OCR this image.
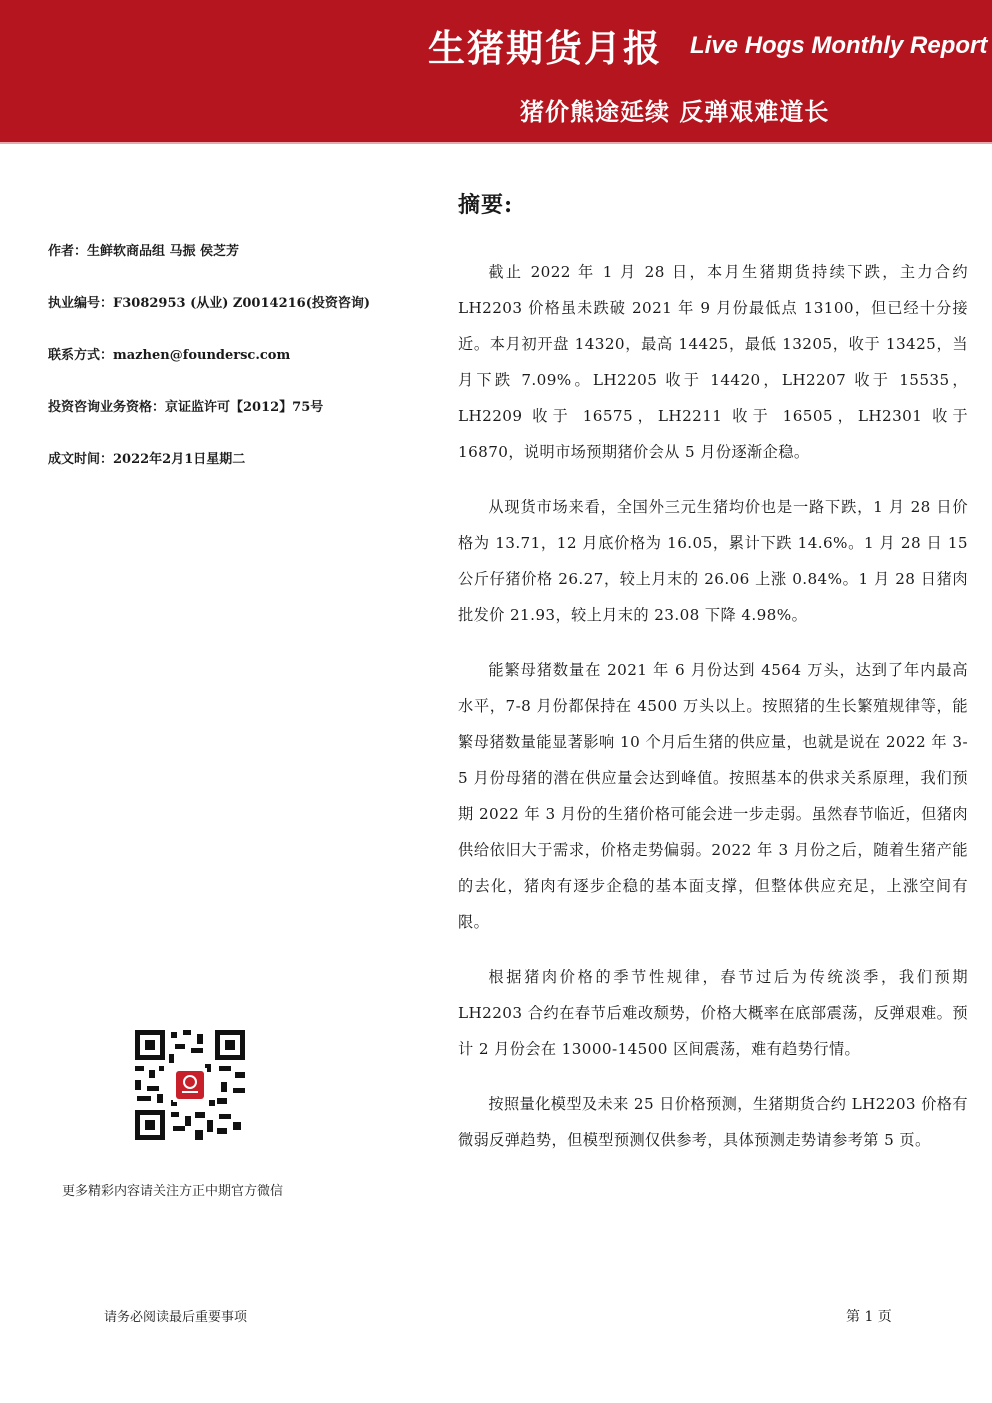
生猪期货月报 Live Hogs Monthly Report
猪价熊途延续 反弹艰难道长
作者：生鲜软商品组 马振 侯芝芳
执业编号：F3082953 (从业) Z0014216(投资咨询)
联系方式：mazhen@foundersc.com
投资咨询业务资格：京证监许可【2012】75号
成文时间：2022年2月1日星期二
更多精彩内容请关注方正中期官方微信
摘要:

截止 2022 年 1 月 28 日，本月生猪期货持续下跌，主力合约 LH2203 价格虽未跌破 2021 年 9 月份最低点 13100，但已经十分接近。本月初开盘 14320，最高 14425，最低 13205，收于 13425，当月下跌 7.09%。LH2205 收于 14420，LH2207 收于 15535，LH2209 收于 16575，LH2211 收于 16505，LH2301 收于 16870，说明市场预期猪价会从 5 月份逐渐企稳。

从现货市场来看，全国外三元生猪均价也是一路下跌，1 月 28 日价格为 13.71，12 月底价格为 16.05，累计下跌 14.6%。1 月 28 日 15 公斤仔猪价格 26.27，较上月末的 26.06 上涨 0.84%。1 月 28 日猪肉批发价 21.93，较上月末的 23.08 下降 4.98%。

能繁母猪数量在 2021 年 6 月份达到 4564 万头，达到了年内最高水平，7-8 月份都保持在 4500 万头以上。按照猪的生长繁殖规律等，能繁母猪数量能显著影响 10 个月后生猪的供应量，也就是说在 2022 年 3-5 月份母猪的潜在供应量会达到峰值。按照基本的供求关系原理，我们预期 2022 年 3 月份的生猪价格可能会进一步走弱。虽然春节临近，但猪肉供给依旧大于需求，价格走势偏弱。2022 年 3 月份之后，随着生猪产能的去化，猪肉有逐步企稳的基本面支撑，但整体供应充足，上涨空间有限。

根据猪肉价格的季节性规律，春节过后为传统淡季，我们预期 LH2203 合约在春节后难改颓势，价格大概率在底部震荡，反弹艰难。预计 2 月份会在 13000-14500 区间震荡，难有趋势行情。

按照量化模型及未来 25 日价格预测，生猪期货合约 LH2203 价格有微弱反弹趋势，但模型预测仅供参考，具体预测走势请参考第 5 页。

请务必阅读最后重要事项	第 1 页
